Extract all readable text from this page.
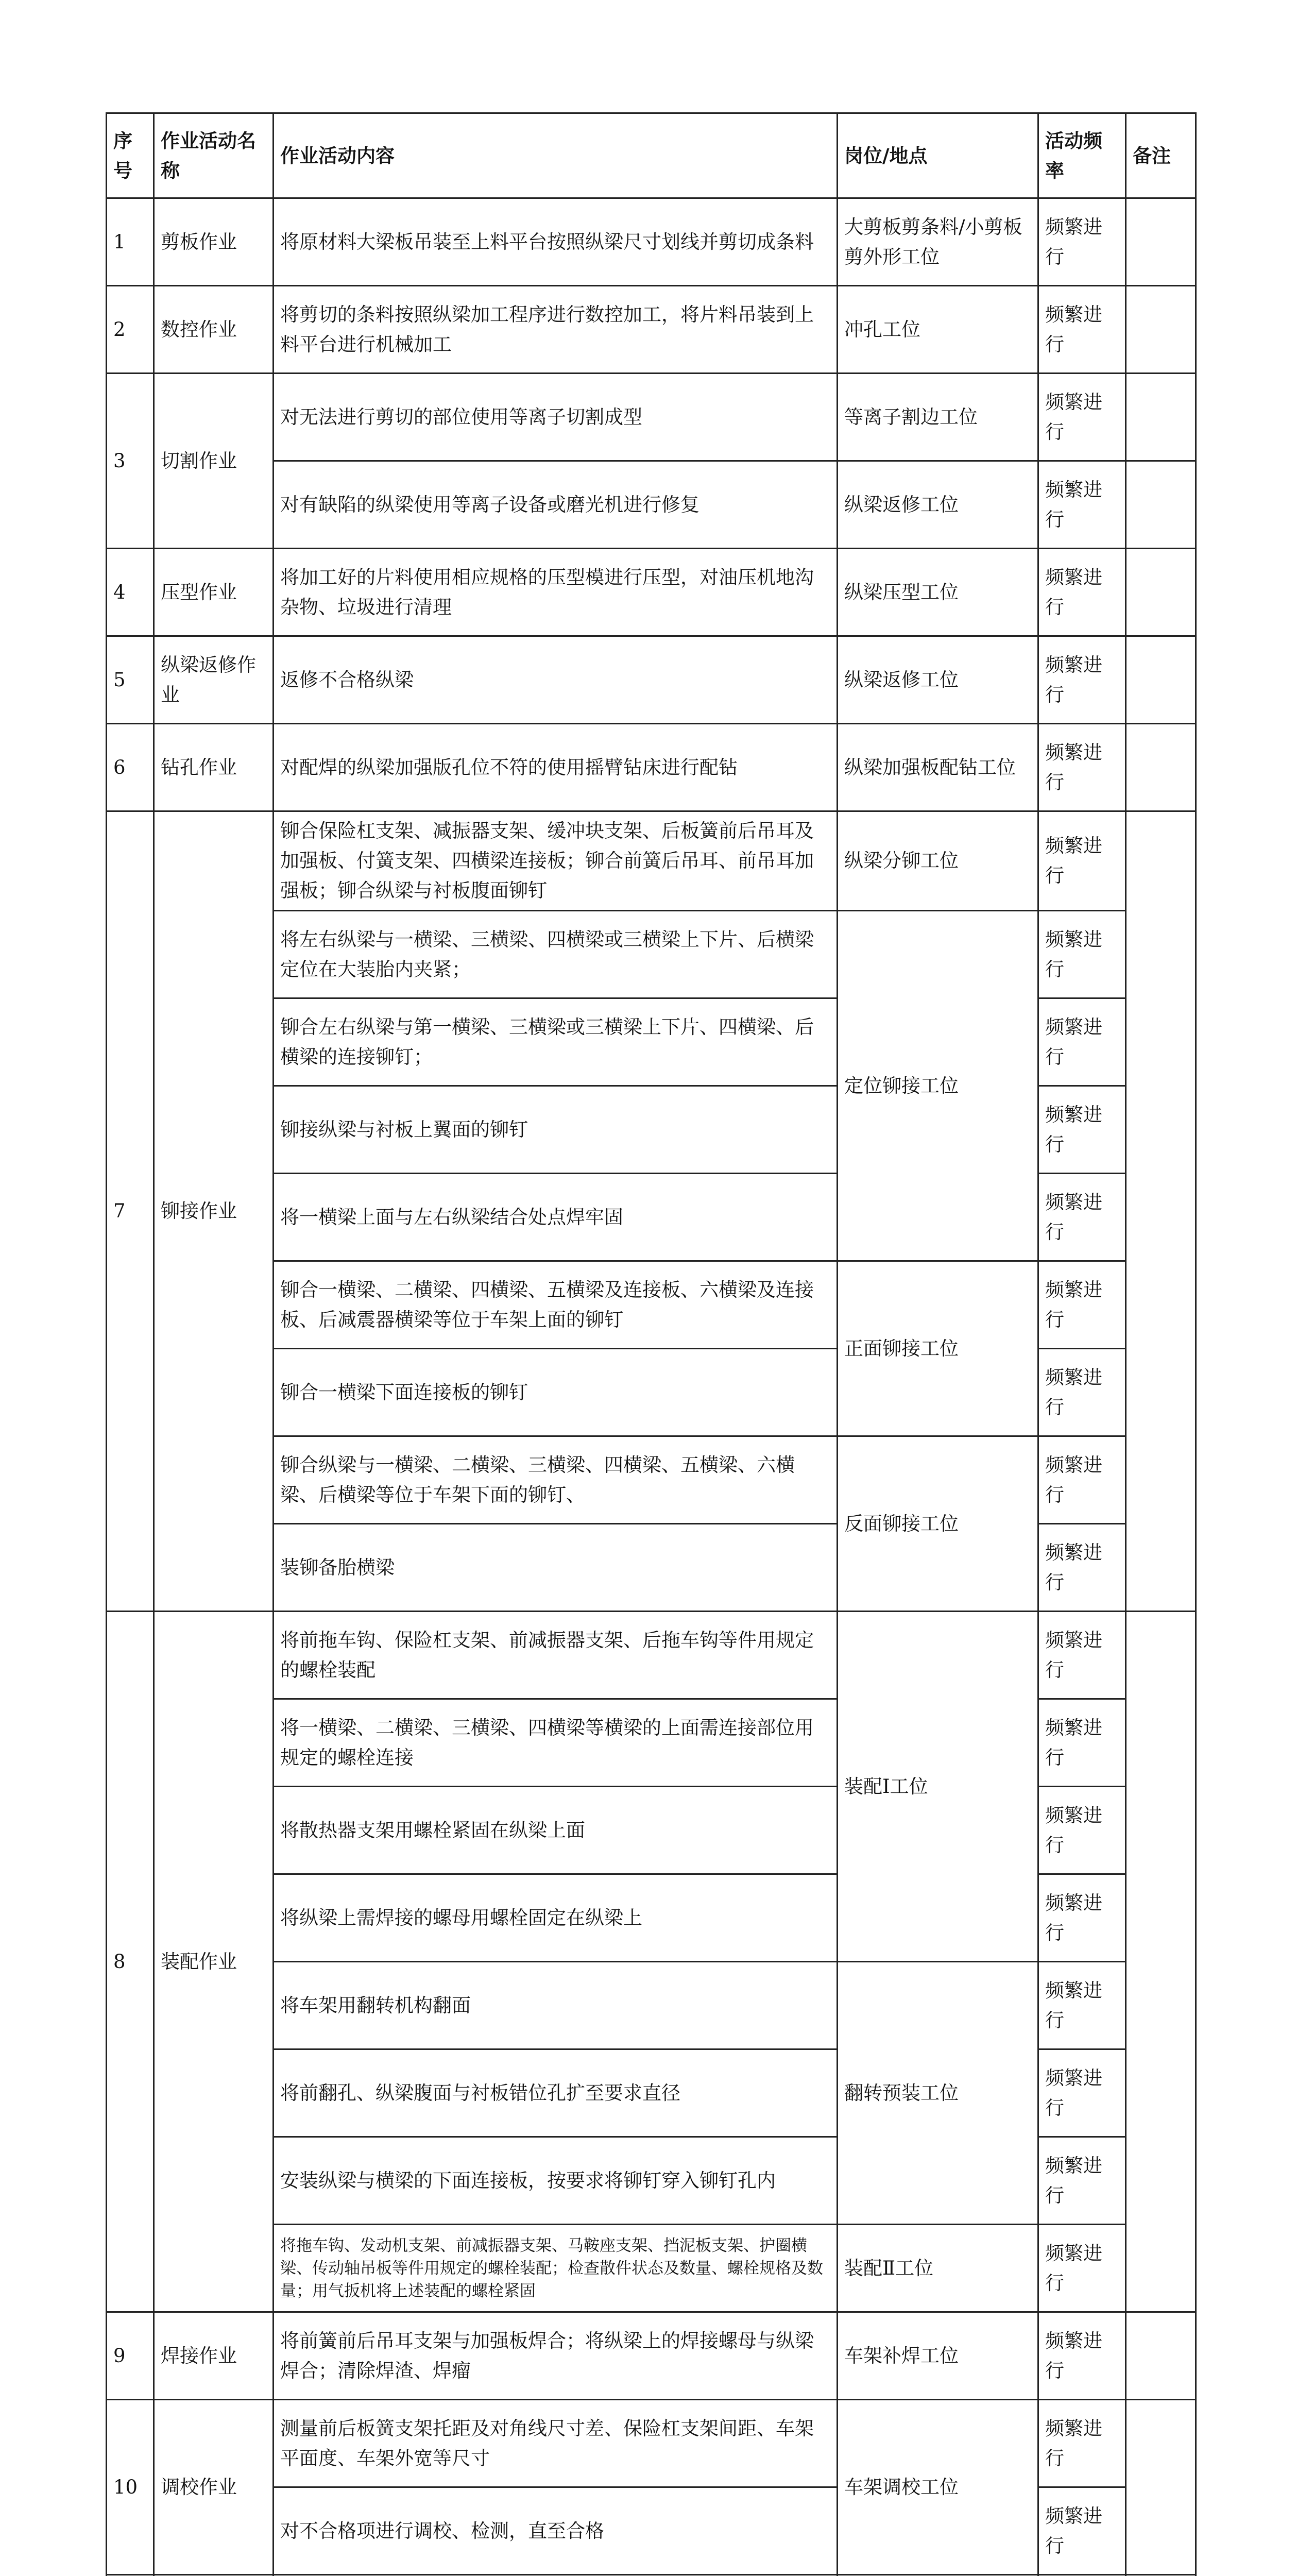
序号	作业活动名称	作业活动内容	岗位/地点	活动频率	备注
1	剪板作业	将原材料大梁板吊装至上料平台按照纵梁尺寸划线并剪切成条料	大剪板剪条料/小剪板剪外形工位	频繁进行	
2	数控作业	将剪切的条料按照纵梁加工程序进行数控加工，将片料吊装到上料平台进行机械加工	冲孔工位	频繁进行	
3	切割作业	对无法进行剪切的部位使用等离子切割成型	等离子割边工位	频繁进行	
		对有缺陷的纵梁使用等离子设备或磨光机进行修复	纵梁返修工位	频繁进行	
4	压型作业	将加工好的片料使用相应规格的压型模进行压型，对油压机地沟杂物、垃圾进行清理	纵梁压型工位	频繁进行	
5	纵梁返修作业	返修不合格纵梁	纵梁返修工位	频繁进行	
6	钻孔作业	对配焊的纵梁加强版孔位不符的使用摇臂钻床进行配钻	纵梁加强板配钻工位	频繁进行	
7	铆接作业	铆合保险杠支架、减振器支架、缓冲块支架、后板簧前后吊耳及加强板、付簧支架、四横梁连接板；铆合前簧后吊耳、前吊耳加强板；铆合纵梁与衬板腹面铆钉	纵梁分铆工位	频繁进行	
		将左右纵梁与一横梁、三横梁、四横梁或三横梁上下片、后横梁定位在大装胎内夹紧；	定位铆接工位	频繁进行	
		铆合左右纵梁与第一横梁、三横梁或三横梁上下片、四横梁、后横梁的连接铆钉；		频繁进行	
		铆接纵梁与衬板上翼面的铆钉		频繁进行	
		将一横梁上面与左右纵梁结合处点焊牢固		频繁进行	
		铆合一横梁、二横梁、四横梁、五横梁及连接板、六横梁及连接板、后减震器横梁等位于车架上面的铆钉	正面铆接工位	频繁进行	
		铆合一横梁下面连接板的铆钉		频繁进行	
		铆合纵梁与一横梁、二横梁、三横梁、四横梁、五横梁、六横梁、后横梁等位于车架下面的铆钉、	反面铆接工位	频繁进行	
		装铆备胎横梁		频繁进行	
8	装配作业	将前拖车钩、保险杠支架、前减振器支架、后拖车钩等件用规定的螺栓装配	装配Ⅰ工位	频繁进行	
		将一横梁、二横梁、三横梁、四横梁等横梁的上面需连接部位用规定的螺栓连接		频繁进行	
		将散热器支架用螺栓紧固在纵梁上面		频繁进行	
		将纵梁上需焊接的螺母用螺栓固定在纵梁上		频繁进行	
		将车架用翻转机构翻面	翻转预装工位	频繁进行	
		将前翻孔、纵梁腹面与衬板错位孔扩至要求直径		频繁进行	
		安装纵梁与横梁的下面连接板，按要求将铆钉穿入铆钉孔内		频繁进行	
		将拖车钩、发动机支架、前减振器支架、马鞍座支架、挡泥板支架、护圈横梁、传动轴吊板等件用规定的螺栓装配；检查散件状态及数量、螺栓规格及数量；用气扳机将上述装配的螺栓紧固	装配Ⅱ工位	频繁进行	
9	焊接作业	将前簧前后吊耳支架与加强板焊合；将纵梁上的焊接螺母与纵梁焊合；清除焊渣、焊瘤	车架补焊工位	频繁进行	
10	调校作业	测量前后板簧支架托距及对角线尺寸差、保险杠支架间距、车架平面度、车架外宽等尺寸	车架调校工位	频繁进行	
		对不合格项进行调校、检测，直至合格		频繁进行	
